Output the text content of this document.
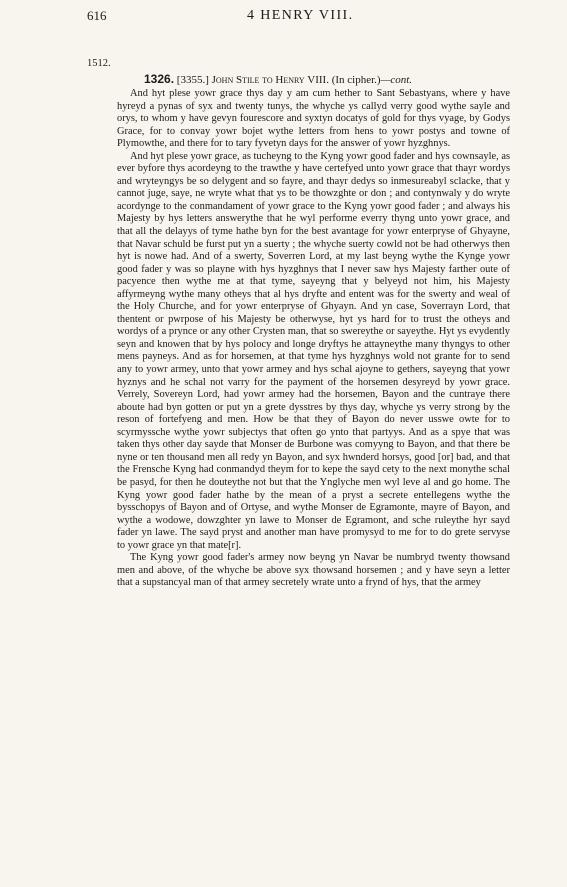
616	4 HENRY VIII.
1512.
1326. [3355.] John Stile to Henry VIII. (In cipher.)—cont.

And hyt plese yowr grace thys day y am cum hether to Sant Sebastyans, where y have hyreyd a pynas of syx and twenty tunys, the whyche ys callyd verry good wythe sayle and orys, to whom y have gevyn fourescore and syxtyn docatys of gold for thys vyage, by Godys Grace, for to convay yowr bojet wythe letters from hens to yowr postys and towne of Plymowthe, and there for to tary fyvetyn days for the answer of yowr hyzghnys.

And hyt plese yowr grace, as tucheyng to the Kyng yowr good fader and hys cownsayle, as ever byfore thys acordeyng to the trawthe y have certefyed unto yowr grace that thayr wordys and wryteyngys be so delygent and so fayre, and thayr dedys so inmesureabyl sclacke, that y cannot juge, saye, ne wryte what that ys to be thowzghte or don ; and contynwaly y do wryte acordynge to the conmandament of yowr grace to the Kyng yowr good fader ; and always his Majesty by hys letters answerythe that he wyl performe everry thyng unto yowr grace, and that all the delayys of tyme hathe byn for the best avantage for yowr enterpryse of Ghyayne, that Navar schuld be furst put yn a suerty ; the whyche suerty cowld not be had otherwys then hyt is nowe had. And of a swerty, Soverren Lord, at my last beyng wythe the Kynge yowr good fader y was so playne with hys hyzghnys that I never saw hys Majesty farther oute of pacyence then wythe me at that tyme, sayeyng that y belyeyd not him, his Majesty affyrmeyng wythe many otheys that al hys dryfte and entent was for the swerty and weal of the Holy Churche, and for yowr enterpryse of Ghyayn. And yn case, Soverrayn Lord, that thentent or pwrpose of his Majesty be otherwyse, hyt ys hard for to trust the otheys and wordys of a prynce or any other Crysten man, that so swereythe or sayeythe. Hyt ys evydently seyn and knowen that by hys polocy and longe dryftys he attayneythe many thyngys to other mens payneys. And as for horsemen, at that tyme hys hyzghnys wold not grante for to send any to yowr armey, unto that yowr armey and hys schal ajoyne to gethers, sayeyng that yowr hyznys and he schal not varry for the payment of the horsemen desyreyd by yowr grace. Verrely, Sovereyn Lord, had yowr armey had the horsemen, Bayon and the cuntraye there aboute had byn gotten or put yn a grete dysstres by thys day, whyche ys verry strong by the reson of fortefyeng and men. How be that they of Bayon do never usswe owte for to scyrmyssche wythe yowr subjectys that often go ynto that partyys. And as a spye that was taken thys other day sayde that Monser de Burbone was comyyng to Bayon, and that there be nyne or ten thousand men all redy yn Bayon, and syx hwnderd horsys, good [or] bad, and that the Frensche Kyng had conmandyd theym for to kepe the sayd cety to the next monythe schal be pasyd, for then he douteythe not but that the Ynglyche men wyl leve al and go home. The Kyng yowr good fader hathe by the mean of a pryst a secrete entellegens wythe the bysschopys of Bayon and of Ortyse, and wythe Monser de Egramonte, mayre of Bayon, and wythe a wodowe, dowzghter yn lawe to Monser de Egramont, and sche ruleythe hyr sayd fader yn lawe. The sayd pryst and another man have promysyd to me for to do grete servyse to yowr grace yn that mate[r].

The Kyng yowr good fader's armey now beyng yn Navar be numbryd twenty thowsand men and above, of the whyche be above syx thowsand horsemen ; and y have seyn a letter that a supstancyal man of that armey secretely wrate unto a frynd of hys, that the armey
